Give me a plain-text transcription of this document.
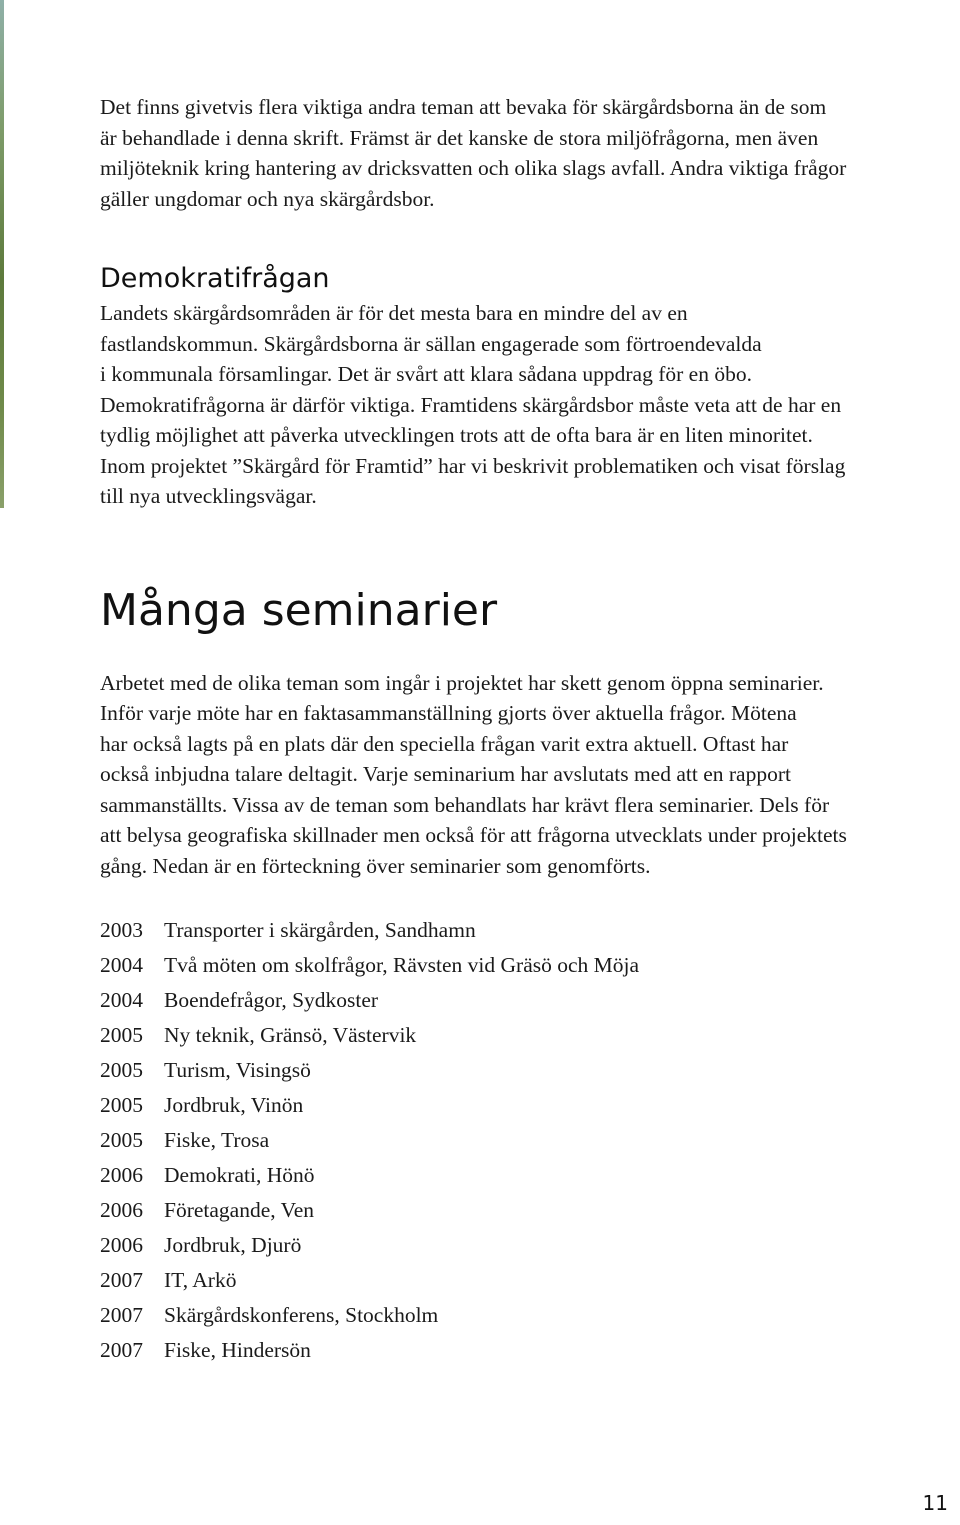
Det finns givetvis flera viktiga andra teman att bevaka för skärgårdsborna än de som
är behandlade i denna skrift. Främst är det kanske de stora miljöfrågorna, men även
miljöteknik kring hantering av dricksvatten och olika slags avfall. Andra viktiga frågor
gäller ungdomar och nya skärgårdsbor.

Demokratifrågan

Landets skärgårdsområden är för det mesta bara en mindre del av en
fastlandskommun. Skärgårdsborna är sällan engagerade som förtroendevalda
i kommunala församlingar. Det är svårt att klara sådana uppdrag för en öbo.
Demokratifrågorna är därför viktiga. Framtidens skärgårdsbor måste veta att de har en
tydlig möjlighet att påverka utvecklingen trots att de ofta bara är en liten minoritet.
Inom projektet ”Skärgård för Framtid” har vi beskrivit problematiken och visat förslag
till nya utvecklingsvägar.

Många seminarier

Arbetet med de olika teman som ingår i projektet har skett genom öppna seminarier.
Inför varje möte har en faktasammanställning gjorts över aktuella frågor. Mötena
har också lagts på en plats där den speciella frågan varit extra aktuell. Oftast har
också inbjudna talare deltagit. Varje seminarium har avslutats med att en rapport
sammanställts. Vissa av de teman som behandlats har krävt flera seminarier. Dels för
att belysa geografiska skillnader men också för att frågorna utvecklats under projektets
gång. Nedan är en förteckning över seminarier som genomförts.

2003 Transporter i skärgården, Sandhamn
2004 Två möten om skolfrågor, Rävsten vid Gräsö och Möja
2004 Boendefrågor, Sydkoster
2005 Ny teknik, Gränsö, Västervik
2005 Turism, Visingsö
2005 Jordbruk, Vinön
2005 Fiske, Trosa
2006 Demokrati, Hönö
2006 Företagande, Ven
2006 Jordbruk, Djurö
2007 IT, Arkö
2007 Skärgårdskonferens, Stockholm
2007 Fiske, Hindersön
11
